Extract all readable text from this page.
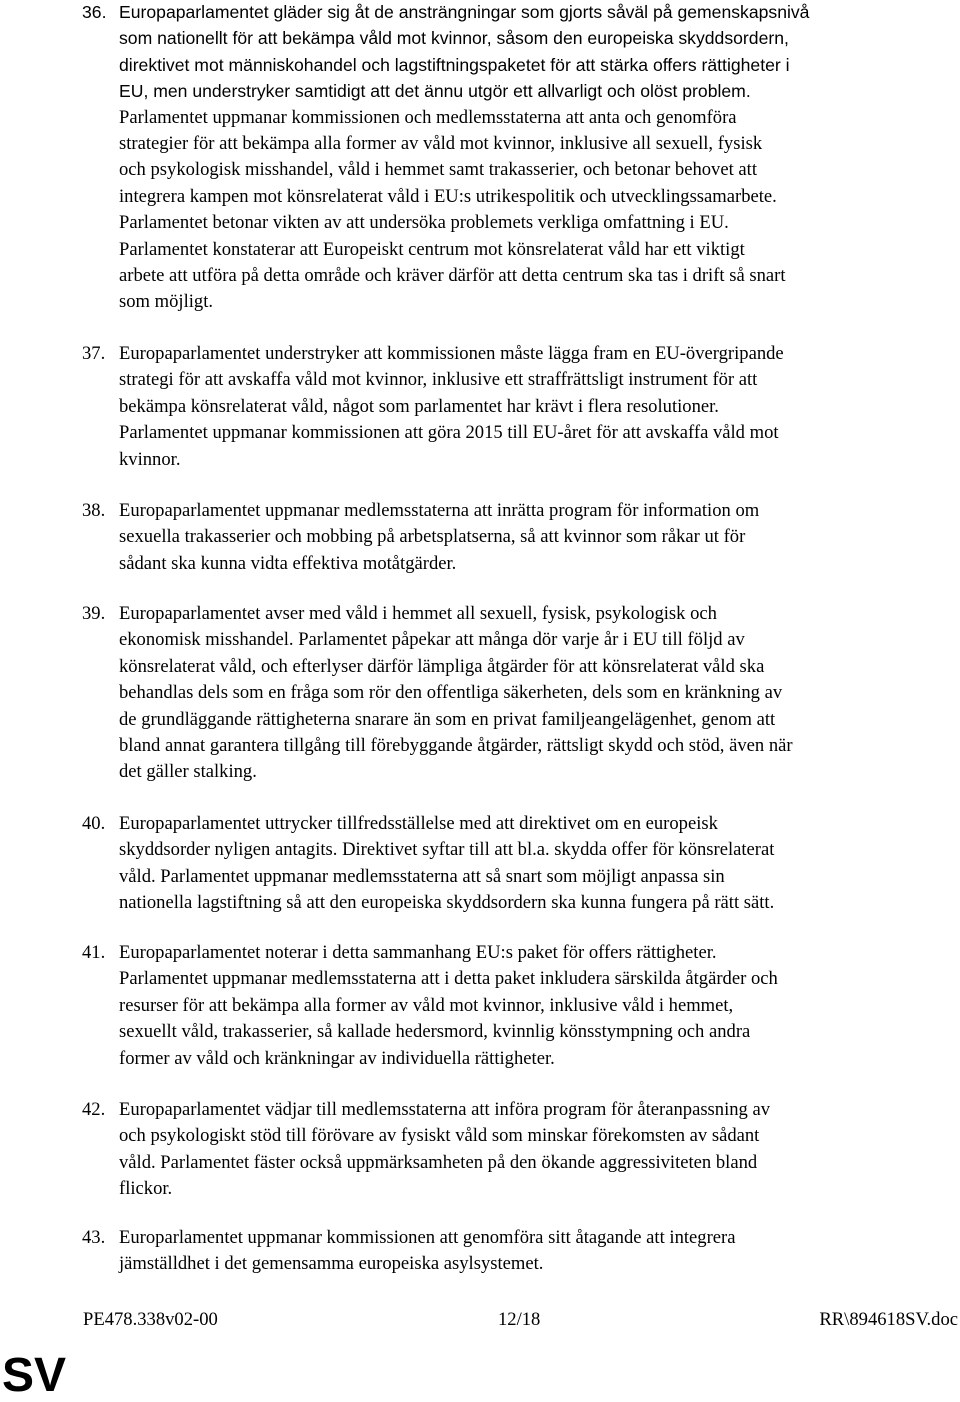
36. Europaparlamentet gläder sig åt de ansträngningar som gjorts såväl på gemenskapsnivå
som nationellt för att bekämpa våld mot kvinnor, såsom den europeiska skyddsordern,
direktivet mot människohandel och lagstiftningspaketet för att stärka offers rättigheter i
EU, men understryker samtidigt att det ännu utgör ett allvarligt och olöst problem.
Parlamentet uppmanar kommissionen och medlemsstaterna att anta och genomföra
strategier för att bekämpa alla former av våld mot kvinnor, inklusive all sexuell, fysisk
och psykologisk misshandel, våld i hemmet samt trakasserier, och betonar behovet att
integrera kampen mot könsrelaterat våld i EU:s utrikespolitik och utvecklingssamarbete.
Parlamentet betonar vikten av att undersöka problemets verkliga omfattning i EU.
Parlamentet konstaterar att Europeiskt centrum mot könsrelaterat våld har ett viktigt
arbete att utföra på detta område och kräver därför att detta centrum ska tas i drift så snart
som möjligt.
37. Europaparlamentet understryker att kommissionen måste lägga fram en EU-övergripande
strategi för att avskaffa våld mot kvinnor, inklusive ett straffrättsligt instrument för att
bekämpa könsrelaterat våld, något som parlamentet har krävt i flera resolutioner.
Parlamentet uppmanar kommissionen att göra 2015 till EU-året för att avskaffa våld mot
kvinnor.
38. Europaparlamentet uppmanar medlemsstaterna att inrätta program för information om
sexuella trakasserier och mobbing på arbetsplatserna, så att kvinnor som råkar ut för
sådant ska kunna vidta effektiva motåtgärder.
39. Europaparlamentet avser med våld i hemmet all sexuell, fysisk, psykologisk och
ekonomisk misshandel. Parlamentet påpekar att många dör varje år i EU till följd av
könsrelaterat våld, och efterlyser därför lämpliga åtgärder för att könsrelaterat våld ska
behandlas dels som en fråga som rör den offentliga säkerheten, dels som en kränkning av
de grundläggande rättigheterna snarare än som en privat familjeangelägenhet, genom att
bland annat garantera tillgång till förebyggande åtgärder, rättsligt skydd och stöd, även när
det gäller stalking.
40. Europaparlamentet uttrycker tillfredsställelse med att direktivet om en europeisk
skyddsorder nyligen antagits. Direktivet syftar till att bl.a. skydda offer för könsrelaterat
våld. Parlamentet uppmanar medlemsstaterna att så snart som möjligt anpassa sin
nationella lagstiftning så att den europeiska skyddsordern ska kunna fungera på rätt sätt.
41. Europaparlamentet noterar i detta sammanhang EU:s paket för offers rättigheter.
Parlamentet uppmanar medlemsstaterna att i detta paket inkludera särskilda åtgärder och
resurser för att bekämpa alla former av våld mot kvinnor, inklusive våld i hemmet,
sexuellt våld, trakasserier, så kallade hedersmord, kvinnlig könsstympning och andra
former av våld och kränkningar av individuella rättigheter.
42. Europaparlamentet vädjar till medlemsstaterna att införa program för återanpassning av
och psykologiskt stöd till förövare av fysiskt våld som minskar förekomsten av sådant
våld. Parlamentet fäster också uppmärksamheten på den ökande aggressiviteten bland
flickor.
43. Europarlamentet uppmanar kommissionen att genomföra sitt åtagande att integrera
jämställdhet i det gemensamma europeiska asylsystemet.
PE478.338v02-00	12/18	RR\894618SV.doc
SV
